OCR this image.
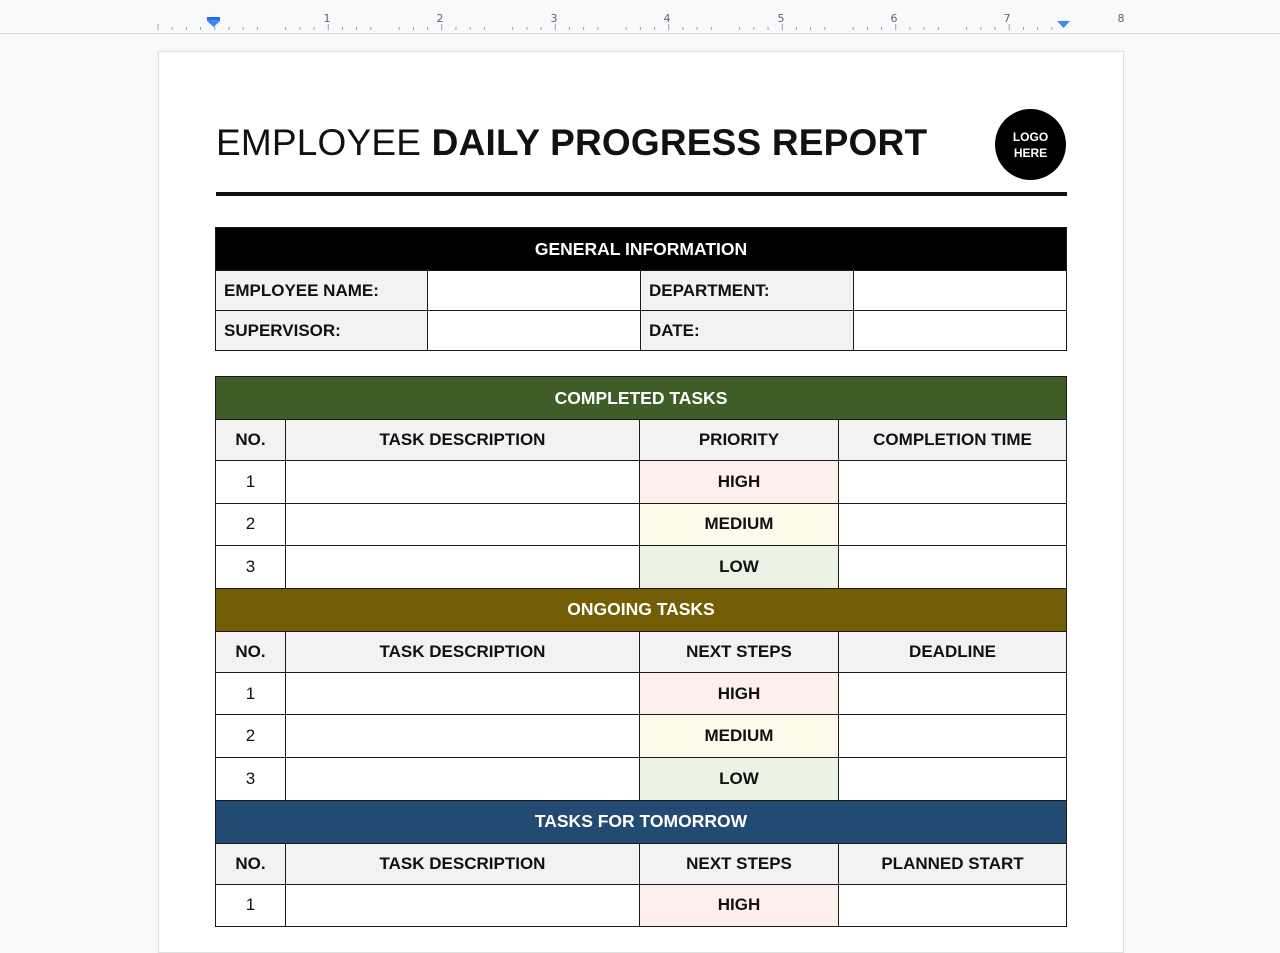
1	2	3	4	5	6	7	8
EMPLOYEE DAILY PROGRESS REPORT	LOGO
HERE
GENERAL INFORMATION			
EMPLOYEE NAME:		DEPARTMENT:	
SUPERVISOR:		DATE:	
COMPLETED TASKS			
NO.	TASK DESCRIPTION	PRIORITY	COMPLETION TIME
1		HIGH	
2		MEDIUM	
3		LOW	
ONGOING TASKS			
NO.	TASK DESCRIPTION	NEXT STEPS	DEADLINE
1		HIGH	
2		MEDIUM	
3		LOW	
TASKS FOR TOMORROW			
NO.	TASK DESCRIPTION	NEXT STEPS	PLANNED START
1		HIGH	
